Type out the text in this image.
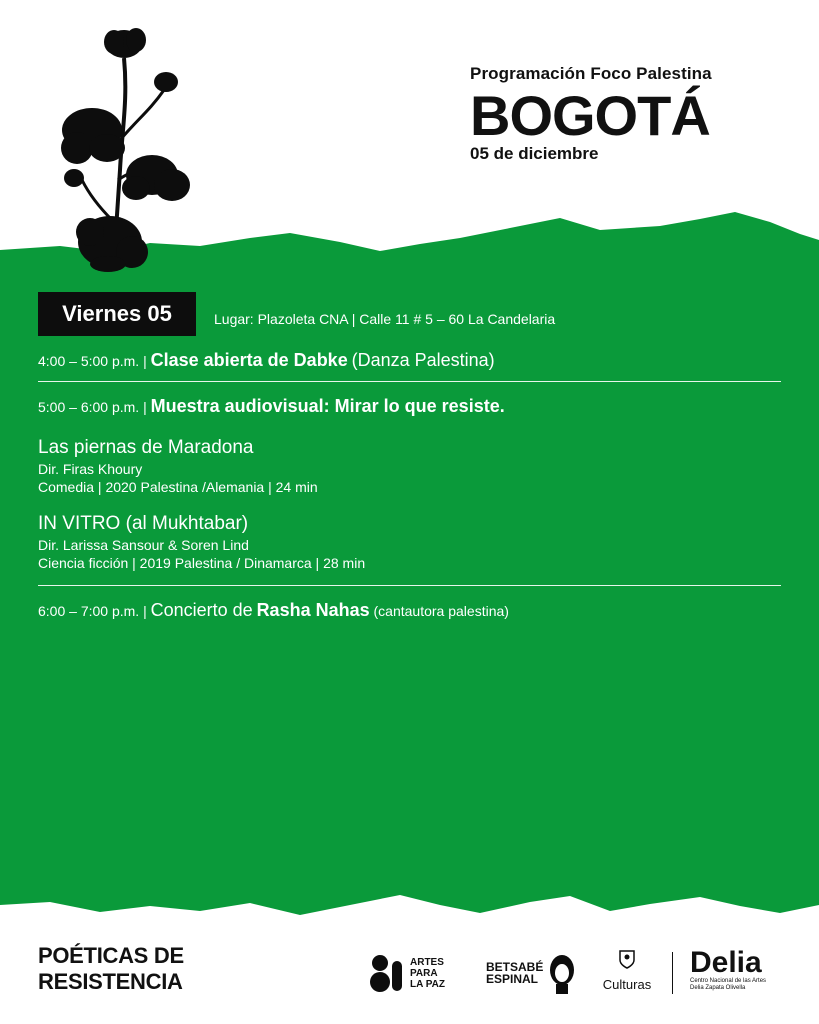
Programación Foco Palestina
BOGOTÁ
05 de diciembre
Viernes 05	Lugar: Plazoleta CNA | Calle 11 # 5 – 60 La Candelaria
4:00 – 5:00 p.m. | Clase abierta de Dabke (Danza Palestina)
5:00 – 6:00 p.m. | Muestra audiovisual: Mirar lo que resiste.
Las piernas de Maradona
Dir. Firas Khoury
Comedia | 2020 Palestina /Alemania | 24 min
IN VITRO (al Mukhtabar)
Dir. Larissa Sansour & Soren Lind
Ciencia ficción | 2019 Palestina / Dinamarca | 28 min
6:00 – 7:00 p.m. | Concierto de Rasha Nahas (cantautora palestina)
POÉTICAS DE
RESISTENCIA
ARTES
PARA
LA PAZ
BETSABÉ
ESPINAL	Culturas
Delia
Centro Nacional de las Artes Delia Zapata Olivella
